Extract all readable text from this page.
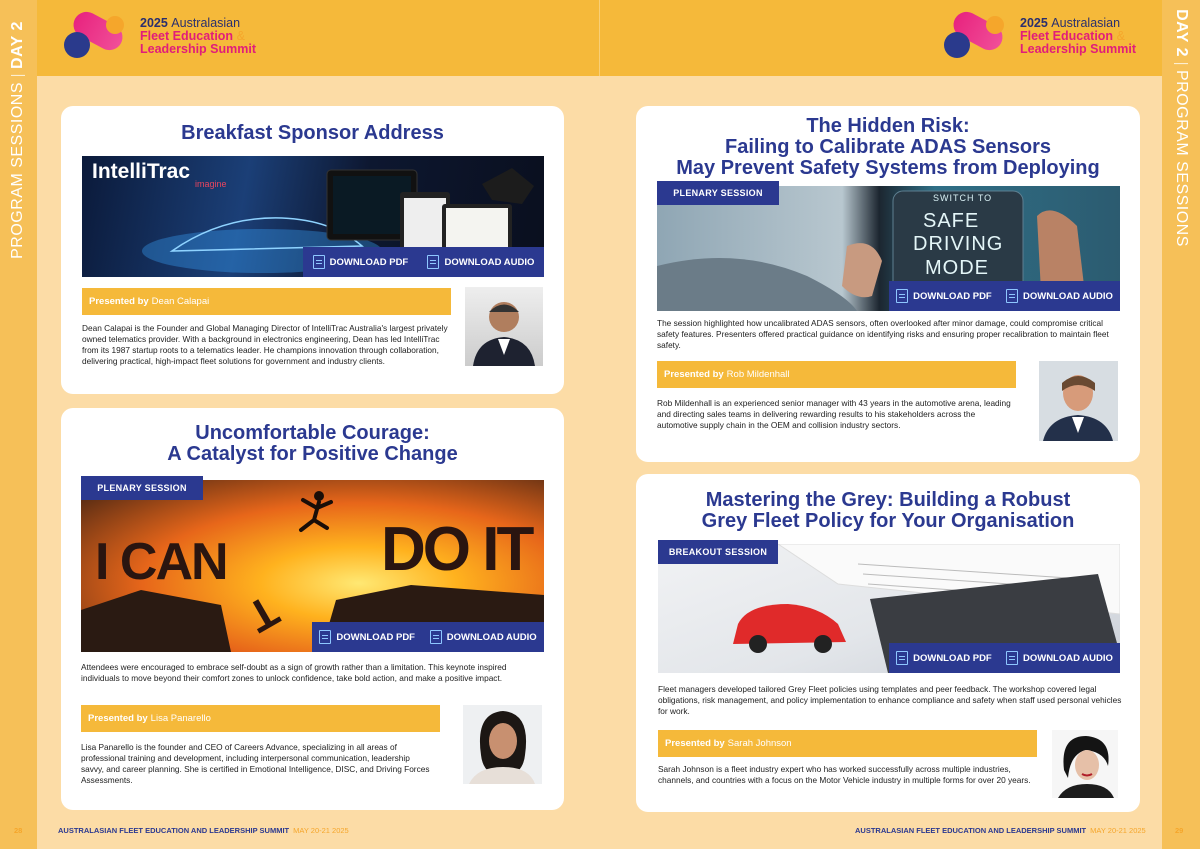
PROGRAM SESSIONSDAY 2	2025 Australasian
Fleet Education &
Leadership Summit
Breakfast Sponsor Address
IntelliTrac
imagine
DOWNLOAD PDF	DOWNLOAD AUDIO
Presented by Dean Calapai
Dean Calapai is the Founder and Global Managing Director of IntelliTrac Australia's largest privately owned telematics provider. With a background in electronics engineering, Dean has led IntelliTrac from its 1987 startup roots to a telematics leader. He champions innovation through collaboration, delivering practical, high-impact fleet solutions for government and industry clients.
Uncomfortable Courage:
A Catalyst for Positive Change
I CAN
T
DO IT
DOWNLOAD PDF	DOWNLOAD AUDIO
PLENARY SESSION
Attendees were encouraged to embrace self-doubt as a sign of growth rather than a limitation. This keynote inspired individuals to move beyond their comfort zones to unlock confidence, take bold action, and make a positive impact.
Presented by Lisa Panarello
Lisa Panarello is the founder and CEO of Careers Advance, specializing in all areas of professional training and development, including interpersonal communication, leadership savvy, and career planning. She is certified in Emotional Intelligence, DISC, and Driving Forces Assessments.
28	AUSTRALASIAN FLEET EDUCATION AND LEADERSHIP SUMMIT MAY 20-21 2025
DAY 2PROGRAM SESSIONS
2025 Australasian
Fleet Education &
Leadership Summit
The Hidden Risk:
Failing to Calibrate ADAS Sensors
May Prevent Safety Systems from Deploying
SWITCH TO
SAFE
DRIVING
MODE
DOWNLOAD PDF	DOWNLOAD AUDIO
PLENARY SESSION
The session highlighted how uncalibrated ADAS sensors, often overlooked after minor damage, could compromise critical safety features. Presenters offered practical guidance on identifying risks and ensuring proper recalibration to maintain fleet safety.
Presented by Rob Mildenhall
Rob Mildenhall is an experienced senior manager with 43 years in the automotive arena, leading and directing sales teams in delivering rewarding results to his stakeholders across the automotive supply chain in the OEM and collision industry sectors.
Mastering the Grey: Building a Robust
Grey Fleet Policy for Your Organisation
DOWNLOAD PDF	DOWNLOAD AUDIO
BREAKOUT SESSION
Fleet managers developed tailored Grey Fleet policies using templates and peer feedback. The workshop covered legal obligations, risk management, and policy implementation to enhance compliance and safety when staff used personal vehicles for work.
Presented by Sarah Johnson
Sarah Johnson is a fleet industry expert who has worked successfully across multiple industries, channels, and countries with a focus on the Motor Vehicle industry in multiple forms for over 20 years.
AUSTRALASIAN FLEET EDUCATION AND LEADERSHIP SUMMIT MAY 20-21 2025	29
